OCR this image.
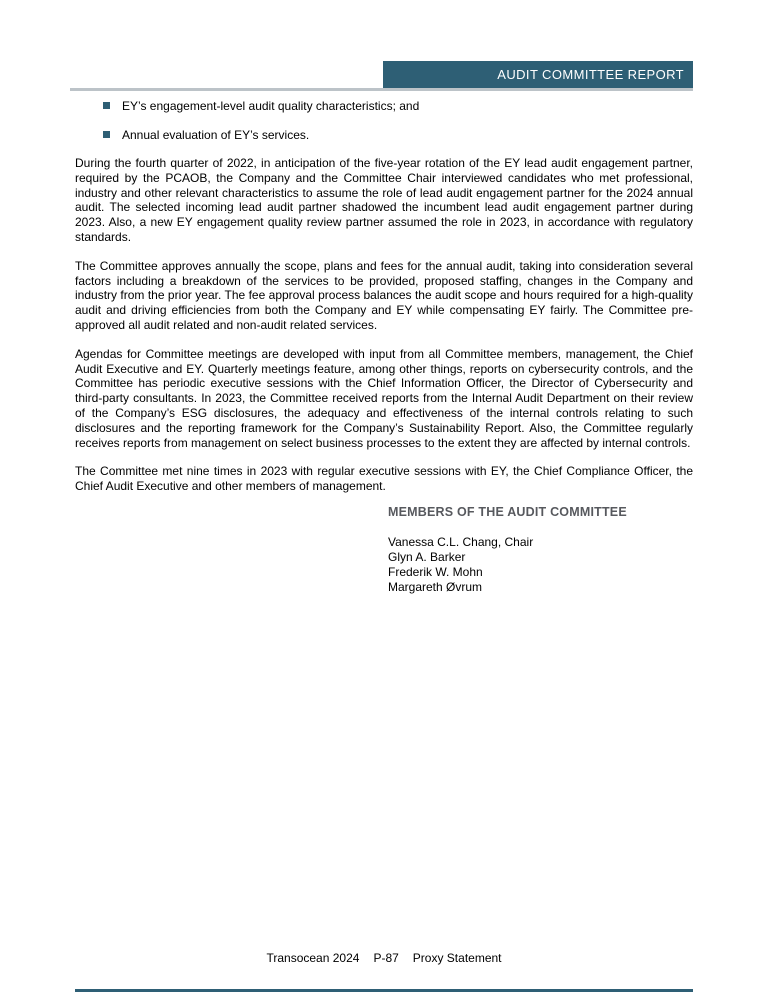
AUDIT COMMITTEE REPORT
EY’s engagement-level audit quality characteristics; and
Annual evaluation of EY’s services.

During the fourth quarter of 2022, in anticipation of the five-year rotation of the EY lead audit engagement partner, required by the PCAOB, the Company and the Committee Chair interviewed candidates who met professional, industry and other relevant characteristics to assume the role of lead audit engagement partner for the 2024 annual audit. The selected incoming lead audit partner shadowed the incumbent lead audit engagement partner during 2023. Also, a new EY engagement quality review partner assumed the role in 2023, in accordance with regulatory standards.

The Committee approves annually the scope, plans and fees for the annual audit, taking into consideration several factors including a breakdown of the services to be provided, proposed staffing, changes in the Company and industry from the prior year. The fee approval process balances the audit scope and hours required for a high-quality audit and driving efficiencies from both the Company and EY while compensating EY fairly. The Committee pre-approved all audit related and non-audit related services.

Agendas for Committee meetings are developed with input from all Committee members, management, the Chief Audit Executive and EY. Quarterly meetings feature, among other things, reports on cybersecurity controls, and the Committee has periodic executive sessions with the Chief Information Officer, the Director of Cybersecurity and third-party consultants. In 2023, the Committee received reports from the Internal Audit Department on their review of the Company’s ESG disclosures, the adequacy and effectiveness of the internal controls relating to such disclosures and the reporting framework for the Company’s Sustainability Report. Also, the Committee regularly receives reports from management on select business processes to the extent they are affected by internal controls.

The Committee met nine times in 2023 with regular executive sessions with EY, the Chief Compliance Officer, the Chief Audit Executive and other members of management.

MEMBERS OF THE AUDIT COMMITTEE
Vanessa C.L. Chang, Chair
Glyn A. Barker
Frederik W. Mohn
Margareth Øvrum
Transocean 2024 P-87 Proxy Statement
